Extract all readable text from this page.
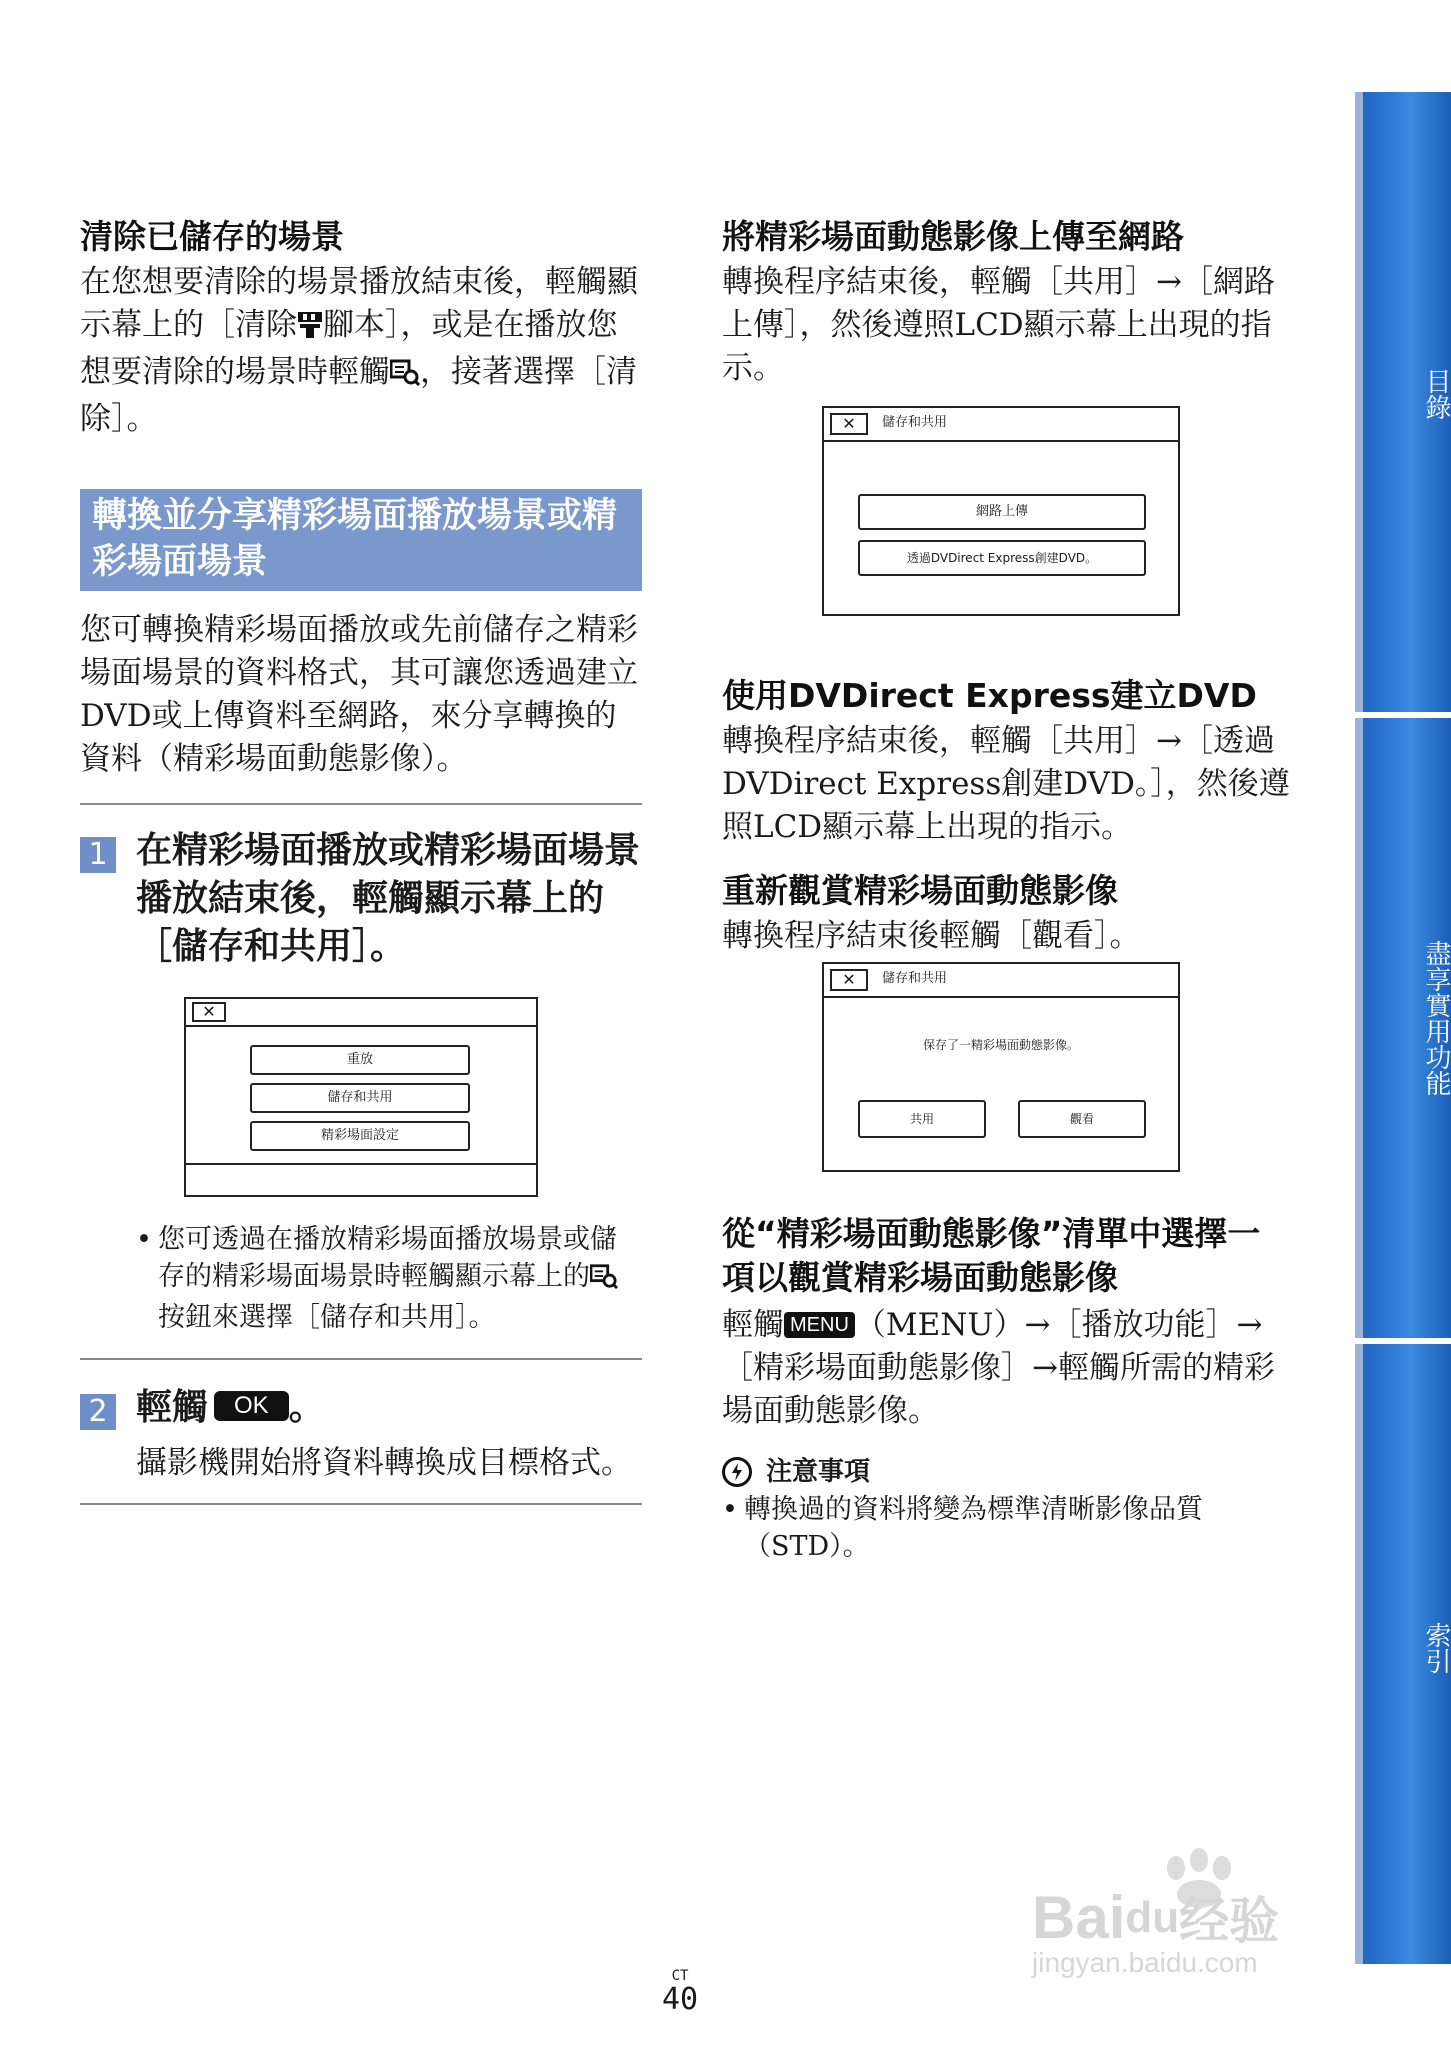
清除已儲存的場景

在您想要清除的場景播放結束後，輕觸顯示幕上的［清除 腳本］，或是在播放您想要清除的場景時輕觸 ，接著選擇［清除］。

轉換並分享精彩場面播放場景或精彩場面場景

您可轉換精彩場面播放或先前儲存之精彩場面場景的資料格式，其可讓您透過建立DVD或上傳資料至網路，來分享轉換的資料（精彩場面動態影像）。

1 在精彩場面播放或精彩場面場景播放結束後，輕觸顯示幕上的［儲存和共用］。
✕
重放
儲存和共用
精彩場面設定
• 您可透過在播放精彩場面播放場景或儲存的精彩場面場景時輕觸顯示幕上的
按鈕來選擇［儲存和共用］。
2 輕觸 OK 。

攝影機開始將資料轉換成目標格式。

將精彩場面動態影像上傳至網路

轉換程序結束後，輕觸［共用］→［網路上傳］，然後遵照LCD顯示幕上出現的指示。

✕	儲存和共用
網路上傳
透過DVDirect Express創建DVD。
使用DVDirect Express建立DVD

轉換程序結束後，輕觸［共用］→［透過DVDirect Express創建DVD。］，然後遵照LCD顯示幕上出現的指示。

重新觀賞精彩場面動態影像

轉換程序結束後輕觸［觀看］。

✕	儲存和共用
保存了一精彩場面動態影像。
共用	觀看
從“精彩場面動態影像”清單中選擇一項以觀賞精彩場面動態影像

輕觸 MENU （MENU）→［播放功能］→［精彩場面動態影像］→輕觸所需的精彩場面動態影像。

注意事項
• 轉換過的資料將變為標準清晰影像品質（STD）。
目錄
盡享實用功能
索引
CT
40
Baidu经验
jingyan.baidu.com
